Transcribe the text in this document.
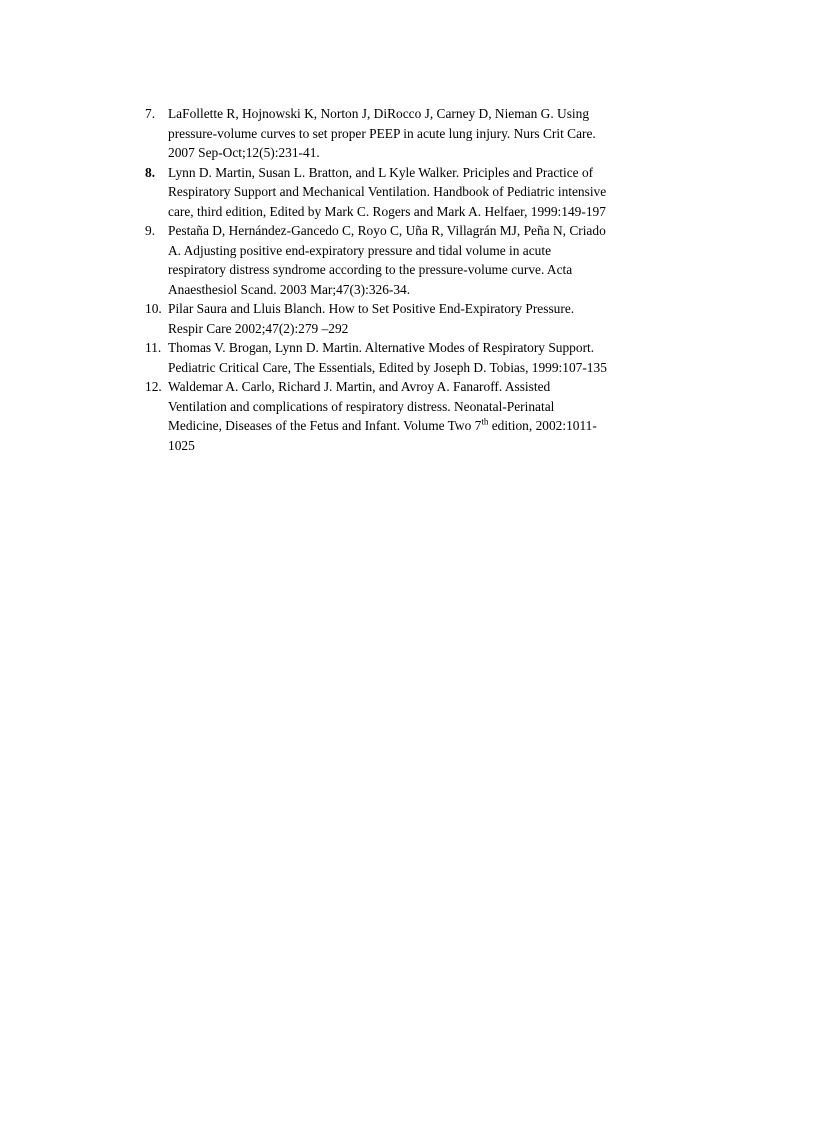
7. LaFollette R, Hojnowski K, Norton J, DiRocco J, Carney D, Nieman G. Using
pressure-volume curves to set proper PEEP in acute lung injury. Nurs Crit Care.
2007 Sep-Oct;12(5):231-41.
8. Lynn D. Martin, Susan L. Bratton, and L Kyle Walker. Priciples and Practice of
Respiratory Support and Mechanical Ventilation. Handbook of Pediatric intensive
care, third edition, Edited by Mark C. Rogers and Mark A. Helfaer, 1999:149-197
9. Pestaña D, Hernández-Gancedo C, Royo C, Uña R, Villagrán MJ, Peña N, Criado
A. Adjusting positive end-expiratory pressure and tidal volume in acute
respiratory distress syndrome according to the pressure-volume curve. Acta
Anaesthesiol Scand. 2003 Mar;47(3):326-34.
10. Pilar Saura and Lluis Blanch. How to Set Positive End-Expiratory Pressure.
Respir Care 2002;47(2):279 –292
11. Thomas V. Brogan, Lynn D. Martin. Alternative Modes of Respiratory Support.
Pediatric Critical Care, The Essentials, Edited by Joseph D. Tobias, 1999:107-135
12. Waldemar A. Carlo, Richard J. Martin, and Avroy A. Fanaroff. Assisted
Ventilation and complications of respiratory distress. Neonatal-Perinatal
Medicine, Diseases of the Fetus and Infant. Volume Two 7th edition, 2002:1011-
1025
